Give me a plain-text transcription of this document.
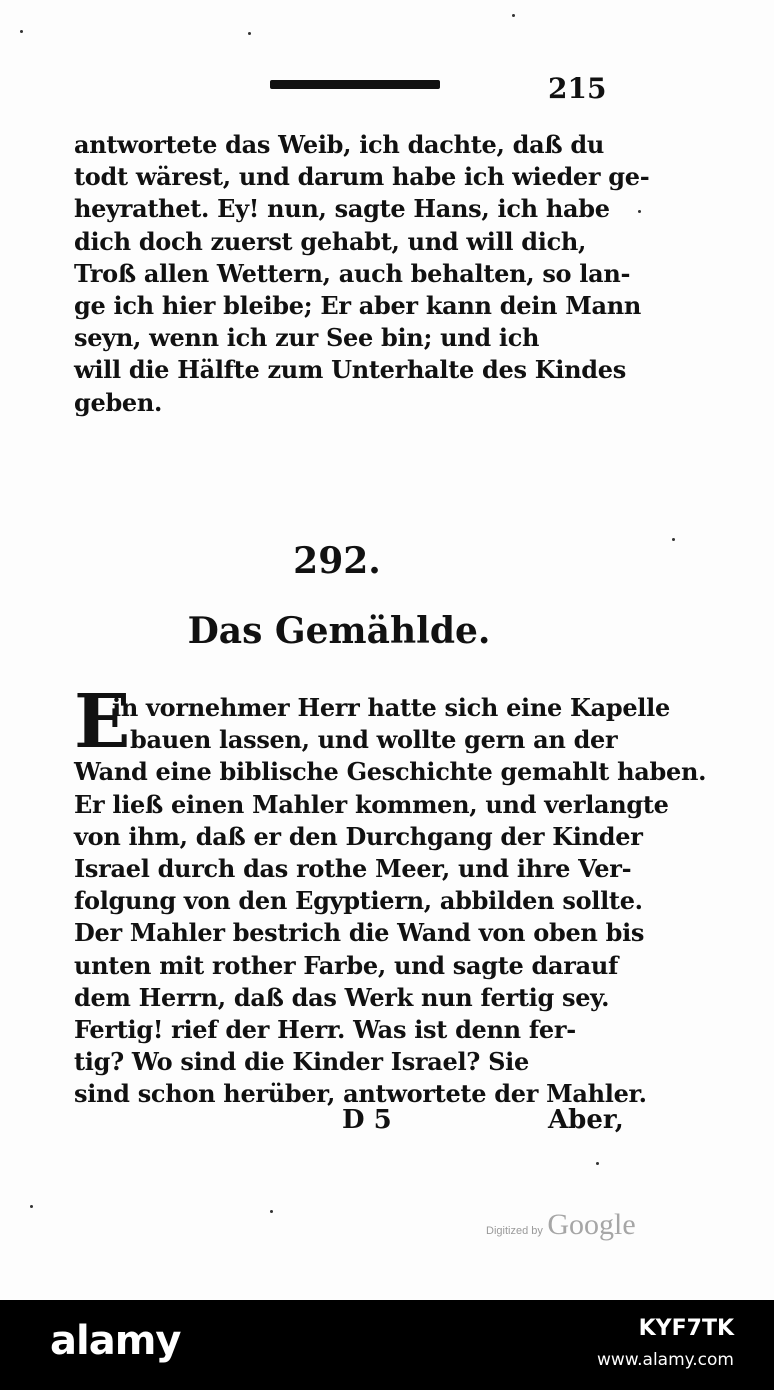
215
antwortete das Weib, ich dachte, daß du
todt wärest, und darum habe ich wieder ge-
heyrathet. Ey! nun, sagte Hans, ich habe
dich doch zuerst gehabt, und will dich,
Troß allen Wettern, auch behalten, so lan-
ge ich hier bleibe; Er aber kann dein Mann
seyn, wenn ich zur See bin; und ich
will die Hälfte zum Unterhalte des Kindes
geben.
292.
Das Gemählde.
E
in vornehmer Herr hatte sich eine Kapelle
bauen lassen, und wollte gern an der
Wand eine biblische Geschichte gemahlt haben.
Er ließ einen Mahler kommen, und verlangte
von ihm, daß er den Durchgang der Kinder
Israel durch das rothe Meer, und ihre Ver-
folgung von den Egyptiern, abbilden sollte.
Der Mahler bestrich die Wand von oben bis
unten mit rother Farbe, und sagte darauf
dem Herrn, daß das Werk nun fertig sey.
Fertig! rief der Herr. Was ist denn fer-
tig? Wo sind die Kinder Israel? Sie
sind schon herüber, antwortete der Mahler.
D 5	Aber,
Digitized by Google
alamy	KYF7TK
www.alamy.com
